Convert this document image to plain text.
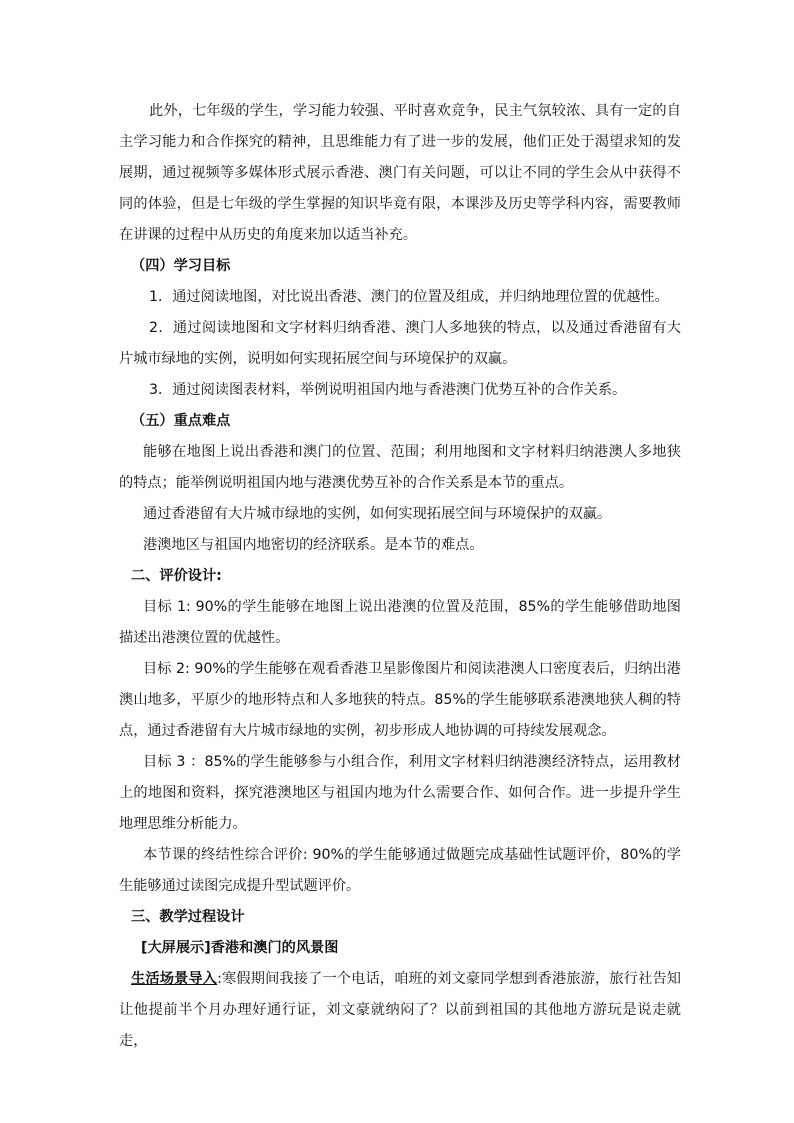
此外，七年级的学生，学习能力较强、平时喜欢竞争，民主气氛较浓、具有一定的自主学习能力和合作探究的精神，且思维能力有了进一步的发展，他们正处于渴望求知的发展期，通过视频等多媒体形式展示香港、澳门有关问题，可以让不同的学生会从中获得不同的体验，但是七年级的学生掌握的知识毕竟有限，本课涉及历史等学科内容，需要教师在讲课的过程中从历史的角度来加以适当补充。

（四）学习目标

1．通过阅读地图，对比说出香港、澳门的位置及组成，并归纳地理位置的优越性。

2．通过阅读地图和文字材料归纳香港、澳门人多地狭的特点，以及通过香港留有大片城市绿地的实例，说明如何实现拓展空间与环境保护的双赢。

3．通过阅读图表材料，举例说明祖国内地与香港澳门优势互补的合作关系。

（五）重点难点

能够在地图上说出香港和澳门的位置、范围；利用地图和文字材料归纳港澳人多地狭的特点；能举例说明祖国内地与港澳优势互补的合作关系是本节的重点。

通过香港留有大片城市绿地的实例，如何实现拓展空间与环境保护的双赢。

港澳地区与祖国内地密切的经济联系。是本节的难点。

二、评价设计:

目标 1: 90%的学生能够在地图上说出港澳的位置及范围，85%的学生能够借助地图描述出港澳位置的优越性。

目标 2: 90%的学生能够在观看香港卫星影像图片和阅读港澳人口密度表后，归纳出港澳山地多，平原少的地形特点和人多地狭的特点。85%的学生能够联系港澳地狭人稠的特点，通过香港留有大片城市绿地的实例，初步形成人地协调的可持续发展观念。

目标 3 ：85%的学生能够参与小组合作，利用文字材料归纳港澳经济特点，运用教材上的地图和资料，探究港澳地区与祖国内地为什么需要合作、如何合作。进一步提升学生地理思维分析能力。

本节课的终结性综合评价: 90%的学生能够通过做题完成基础性试题评价，80%的学生能够通过读图完成提升型试题评价。

三、教学过程设计

[大屏展示]香港和澳门的风景图

生活场景导入:寒假期间我接了一个电话，咱班的刘文豪同学想到香港旅游，旅行社告知让他提前半个月办理好通行证，刘文豪就纳闷了？以前到祖国的其他地方游玩是说走就走，
